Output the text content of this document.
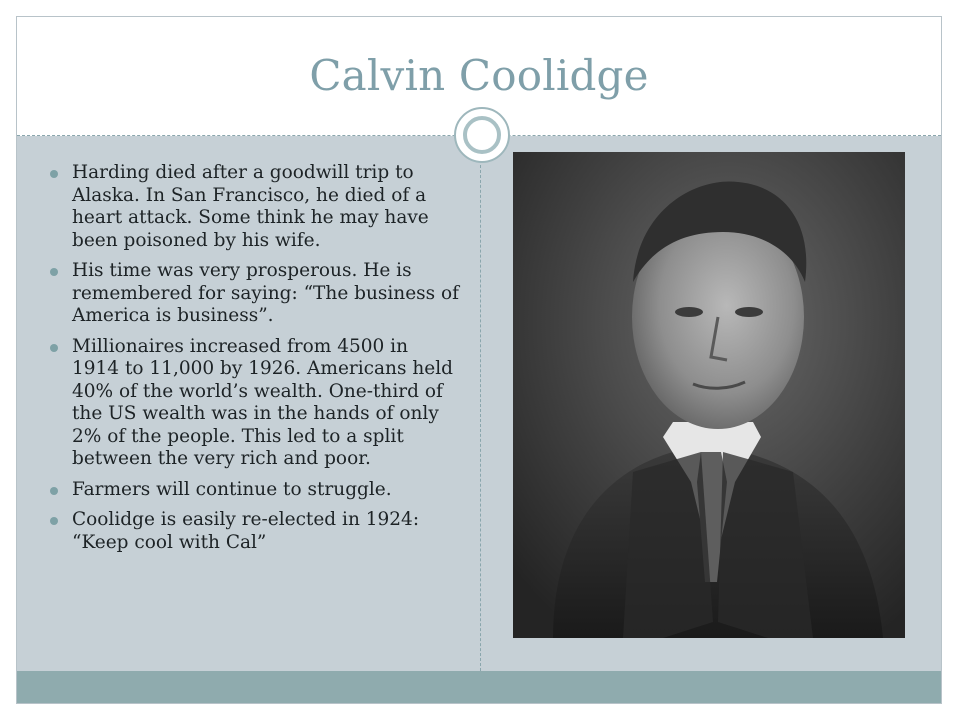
Calvin Coolidge
Harding died after a goodwill trip to Alaska. In San Francisco, he died of a heart attack. Some think he may have been poisoned by his wife.
His time was very prosperous. He is remembered for saying: “The business of America is business”.
Millionaires increased from 4500 in 1914 to 11,000 by 1926. Americans held 40% of the world’s wealth. One-third of the US wealth was in the hands of only 2% of the people. This led to a split between the very rich and poor.
Farmers will continue to struggle.
Coolidge is easily re-elected in 1924: “Keep cool with Cal”
